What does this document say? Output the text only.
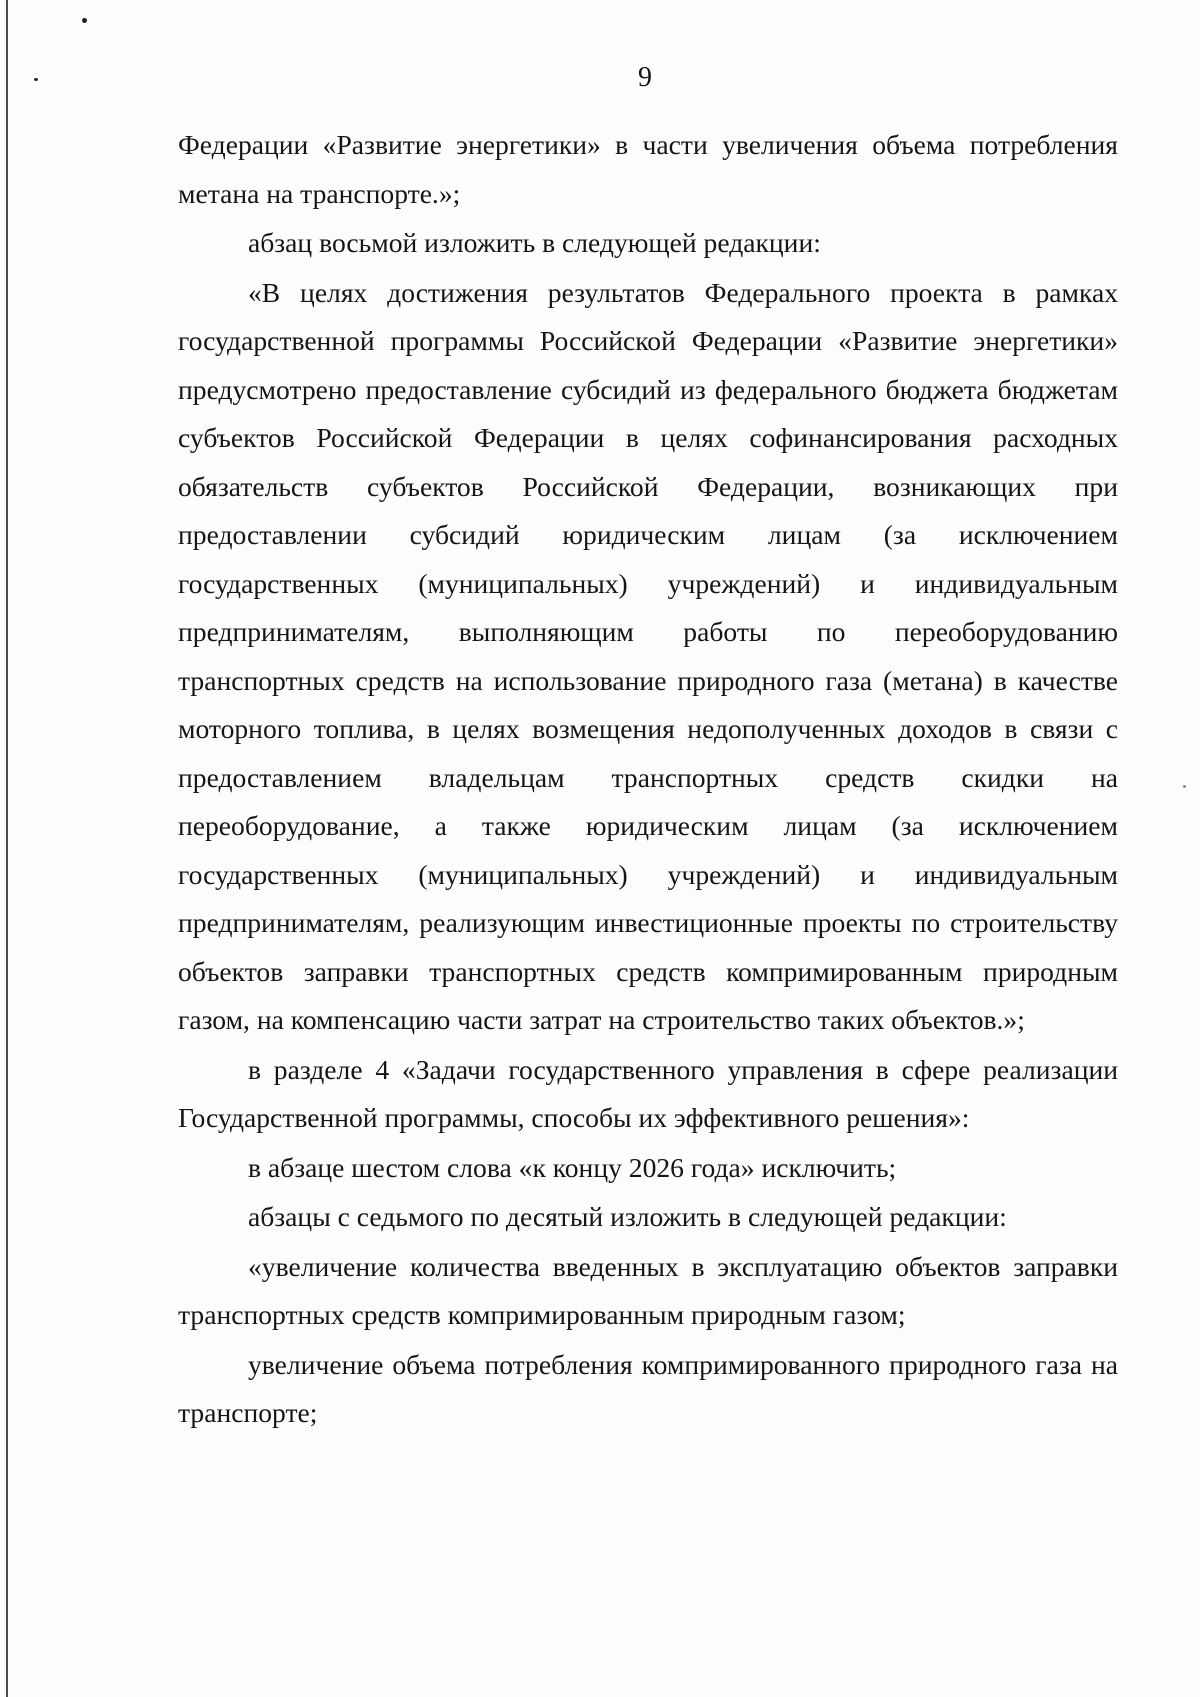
9

Федерации «Развитие энергетики» в части увеличения объема потребления метана на транспорте.»;

абзац восьмой изложить в следующей редакции:

«В целях достижения результатов Федерального проекта в рамках государственной программы Российской Федерации «Развитие энергетики» предусмотрено предоставление субсидий из федерального бюджета бюджетам субъектов Российской Федерации в целях софинансирования расходных обязательств субъектов Российской Федерации, возникающих при предоставлении субсидий юридическим лицам (за исключением государственных (муниципальных) учреждений) и индивидуальным предпринимателям, выполняющим работы по переоборудованию транспортных средств на использование природного газа (метана) в качестве моторного топлива, в целях возмещения недополученных доходов в связи с предоставлением владельцам транспортных средств скидки на переоборудование, а также юридическим лицам (за исключением государственных (муниципальных) учреждений) и индивидуальным предпринимателям, реализующим инвестиционные проекты по строительству объектов заправки транспортных средств компримированным природным газом, на компенсацию части затрат на строительство таких объектов.»;

в разделе 4 «Задачи государственного управления в сфере реализации Государственной программы, способы их эффективного решения»:

в абзаце шестом слова «к концу 2026 года» исключить;

абзацы с седьмого по десятый изложить в следующей редакции:

«увеличение количества введенных в эксплуатацию объектов заправки транспортных средств компримированным природным газом;

увеличение объема потребления компримированного природного газа на транспорте;
